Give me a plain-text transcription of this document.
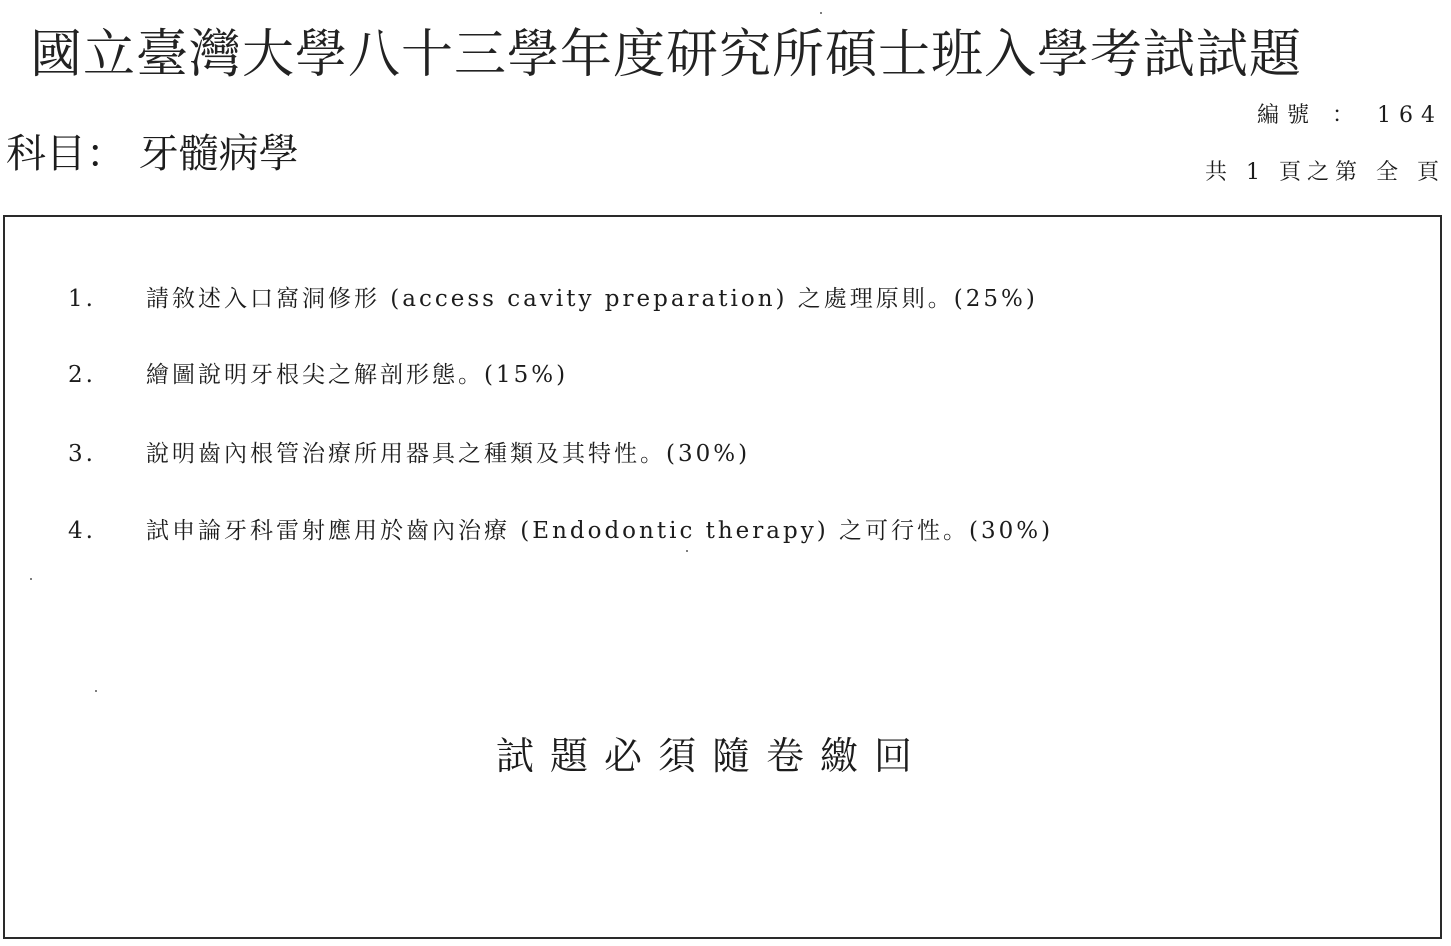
國立臺灣大學八十三學年度研究所碩士班入學考試試題
編號 ： 164
科目： 牙髓病學	共 1 頁之第 全 頁
1. 請敘述入口窩洞修形 (access cavity preparation) 之處理原則。(25%)
2. 繪圖說明牙根尖之解剖形態。(15%)
3. 說明齒內根管治療所用器具之種類及其特性。(30%)
4. 試申論牙科雷射應用於齒內治療 (Endodontic therapy) 之可行性。(30%)
試題必須隨卷繳回
